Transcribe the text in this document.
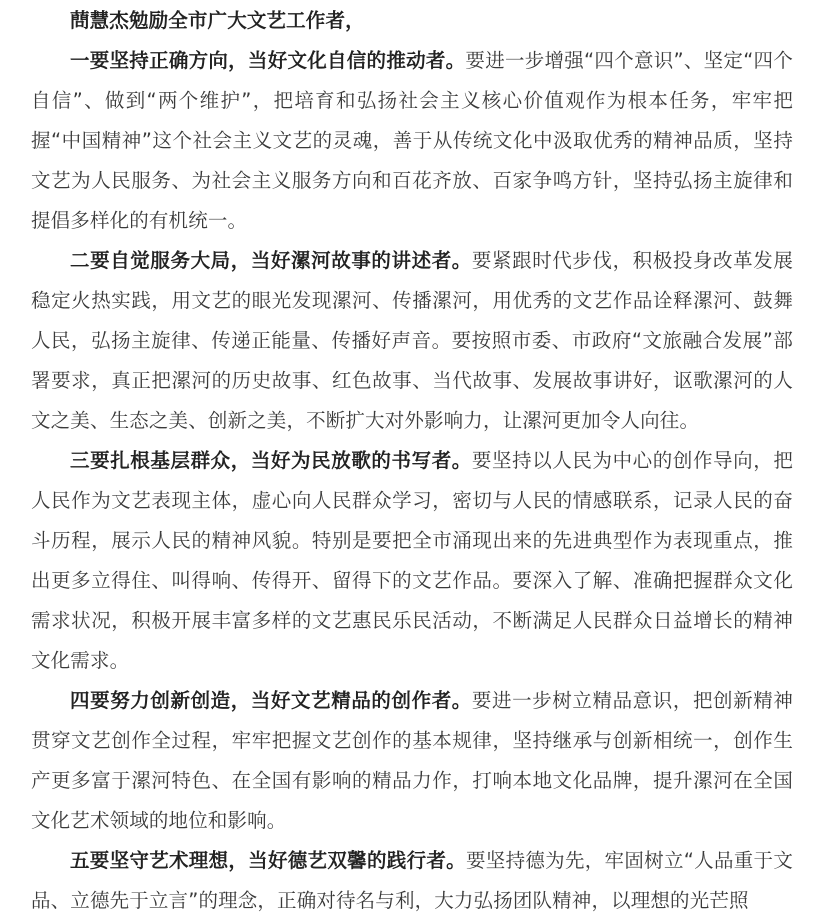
蔄慧杰勉励全市广大文艺工作者，

一要坚持正确方向，当好文化自信的推动者。要进一步增强“四个意识”、坚定“四个自信”、做到“两个维护”，把培育和弘扬社会主义核心价值观作为根本任务，牢牢把握“中国精神”这个社会主义文艺的灵魂，善于从传统文化中汲取优秀的精神品质，坚持文艺为人民服务、为社会主义服务方向和百花齐放、百家争鸣方针，坚持弘扬主旋律和提倡多样化的有机统一。

二要自觉服务大局，当好漯河故事的讲述者。要紧跟时代步伐，积极投身改革发展稳定火热实践，用文艺的眼光发现漯河、传播漯河，用优秀的文艺作品诠释漯河、鼓舞人民，弘扬主旋律、传递正能量、传播好声音。要按照市委、市政府“文旅融合发展”部署要求，真正把漯河的历史故事、红色故事、当代故事、发展故事讲好，讴歌漯河的人文之美、生态之美、创新之美，不断扩大对外影响力，让漯河更加令人向往。

三要扎根基层群众，当好为民放歌的书写者。要坚持以人民为中心的创作导向，把人民作为文艺表现主体，虚心向人民群众学习，密切与人民的情感联系，记录人民的奋斗历程，展示人民的精神风貌。特别是要把全市涌现出来的先进典型作为表现重点，推出更多立得住、叫得响、传得开、留得下的文艺作品。要深入了解、准确把握群众文化需求状况，积极开展丰富多样的文艺惠民乐民活动，不断满足人民群众日益增长的精神文化需求。

四要努力创新创造，当好文艺精品的创作者。要进一步树立精品意识，把创新精神贯穿文艺创作全过程，牢牢把握文艺创作的基本规律，坚持继承与创新相统一，创作生产更多富于漯河特色、在全国有影响的精品力作，打响本地文化品牌，提升漯河在全国文化艺术领域的地位和影响。

五要坚守艺术理想，当好德艺双馨的践行者。要坚持德为先，牢固树立“人品重于文品、立德先于立言”的理念，正确对待名与利，大力弘扬团队精神，以理想的光芒照
